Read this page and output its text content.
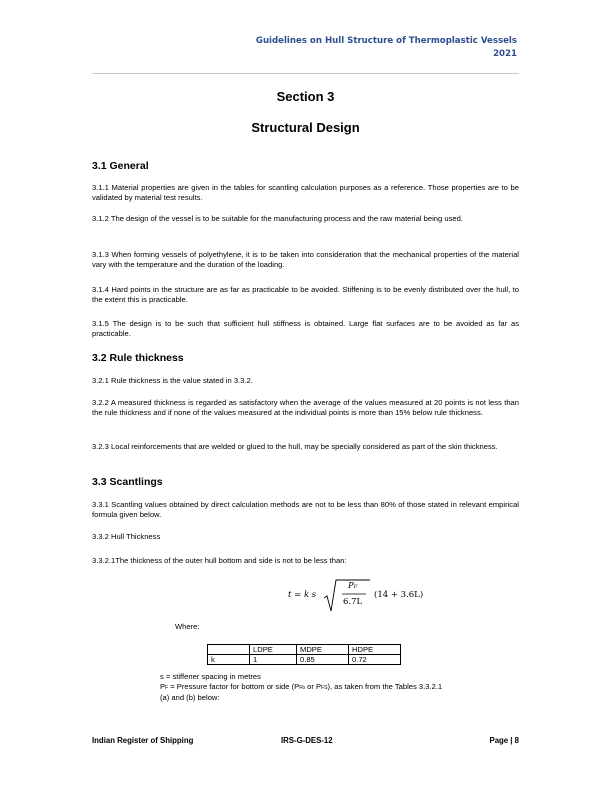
Guidelines on Hull Structure of Thermoplastic Vessels
2021
Section 3
Structural Design
3.1 General
3.1.1 Material properties are given in the tables for scantling calculation purposes as a reference. Those properties are to be validated by material test results.
3.1.2 The design of the vessel is to be suitable for the manufacturing process and the raw material being used.
3.1.3 When forming vessels of polyethylene, it is to be taken into consideration that the mechanical properties of the material vary with the temperature and the duration of the loading.
3.1.4 Hard points in the structure are as far as practicable to be avoided. Stiffening is to be evenly distributed over the hull, to the extent this is practicable.
3.1.5 The design is to be such that sufficient hull stiffness is obtained. Large flat surfaces are to be avoided as far as practicable.
3.2 Rule thickness
3.2.1 Rule thickness is the value stated in 3.3.2.
3.2.2 A measured thickness is regarded as satisfactory when the average of the values measured at 20 points is not less than the rule thickness and if none of the values measured at the individual points is more than 15% below rule thickness.
3.2.3 Local reinforcements that are welded or glued to the hull, may be specially considered as part of the skin thickness.
3.3 Scantlings
3.3.1 Scantling values obtained by direct calculation methods are not to be less than 80% of those stated in relevant empirical formula given below.
3.3.2 Hull Thickness
3.3.2.1The thickness of the outer hull bottom and side is not to be less than:
t = k s
PF
6.7L
(14 + 3.6L)
Where:
	LDPE	MDPE	HDPE
k	1	0.85	0.72
s = stiffener spacing in metres
PF = Pressure factor for bottom or side (PFb or PFS), as taken from the Tables 3.3.2.1
(a) and (b) below:
Indian Register of Shipping	IRS-G-DES-12	Page | 8
